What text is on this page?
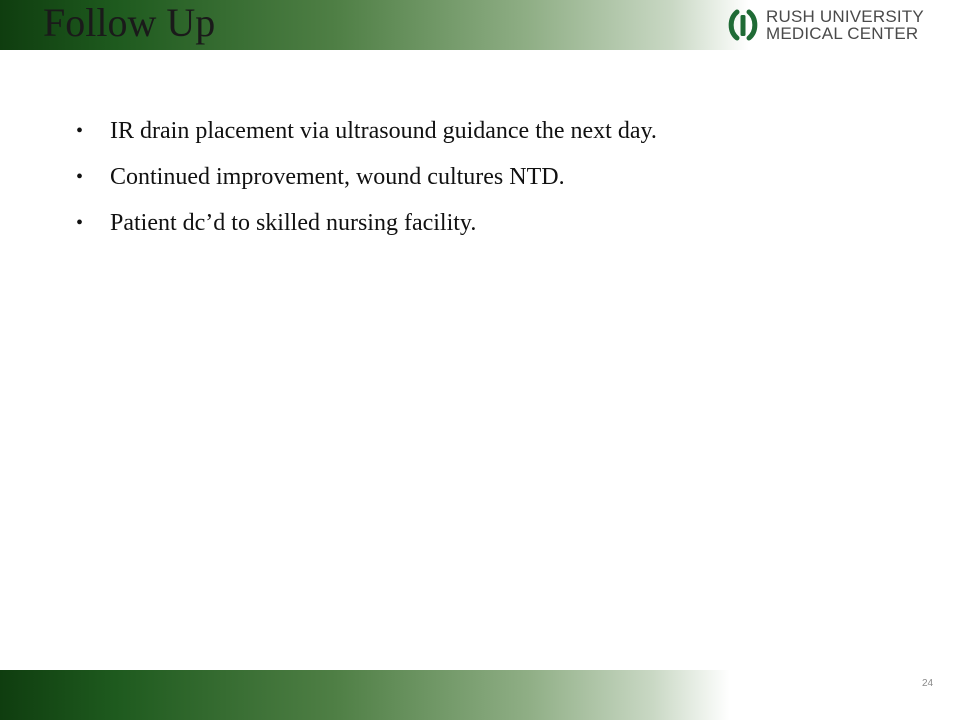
Follow Up	RUSH UNIVERSITY
MEDICAL CENTER
• IR drain placement via ultrasound guidance the next day.
• Continued improvement, wound cultures NTD.
• Patient dc’d to skilled nursing facility.
24
